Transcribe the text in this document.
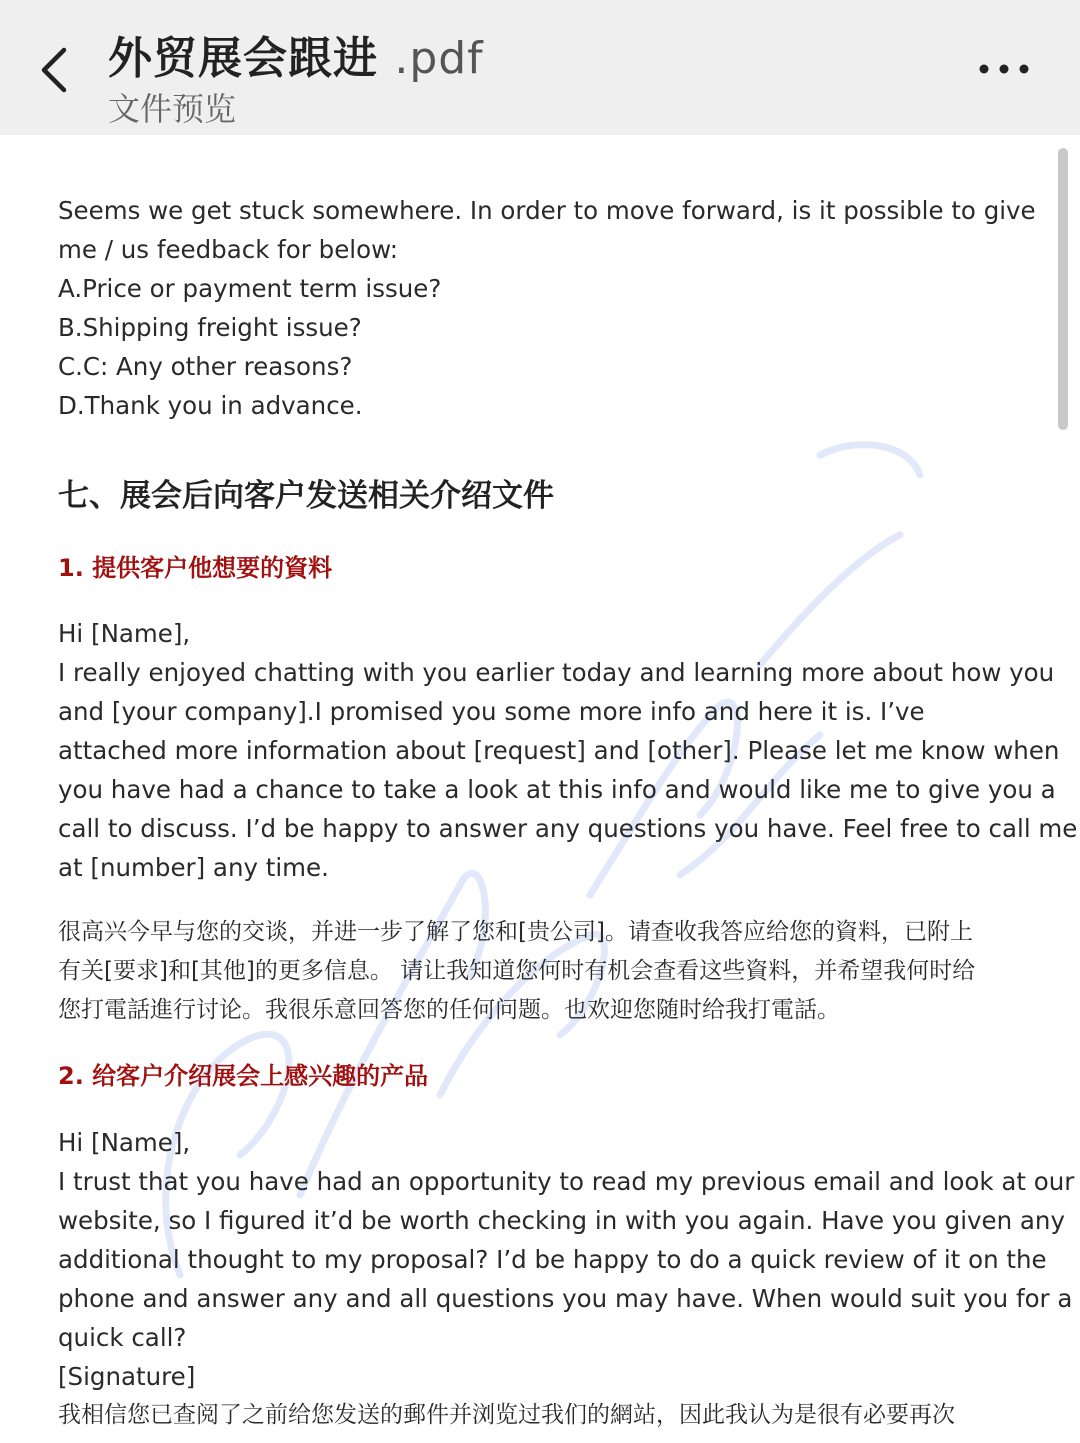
外贸展会跟进 .pdf
文件预览

Seems we get stuck somewhere. In order to move forward, is it possible to give

me / us feedback for below:

A.Price or payment term issue?

B.Shipping freight issue?

C.C: Any other reasons?

D.Thank you in advance.

七、展会后向客户发送相关介绍文件

1. 提供客户他想要的資料

Hi [Name],

I really enjoyed chatting with you earlier today and learning more about how you

and [your company].I promised you some more info and here it is. I’ve

attached more information about [request] and [other]. Please let me know when

you have had a chance to take a look at this info and would like me to give you a

call to discuss. I’d be happy to answer any questions you have. Feel free to call me

at [number] any time.

很高兴今早与您的交谈，并进一步了解了您和[贵公司]。请查收我答应给您的資料，已附上

有关[要求]和[其他]的更多信息。 请让我知道您何时有机会查看这些資料，并希望我何时给

您打電話進行讨论。我很乐意回答您的任何问题。也欢迎您随时给我打電話。

2. 给客户介绍展会上感兴趣的产品

Hi [Name],

I trust that you have had an opportunity to read my previous email and look at our

website, so I figured it’d be worth checking in with you again. Have you given any

additional thought to my proposal? I’d be happy to do a quick review of it on the

phone and answer any and all questions you may have. When would suit you for a

quick call?

[Signature]

我相信您已查阅了之前给您发送的郵件并浏览过我们的網站，因此我认为是很有必要再次
